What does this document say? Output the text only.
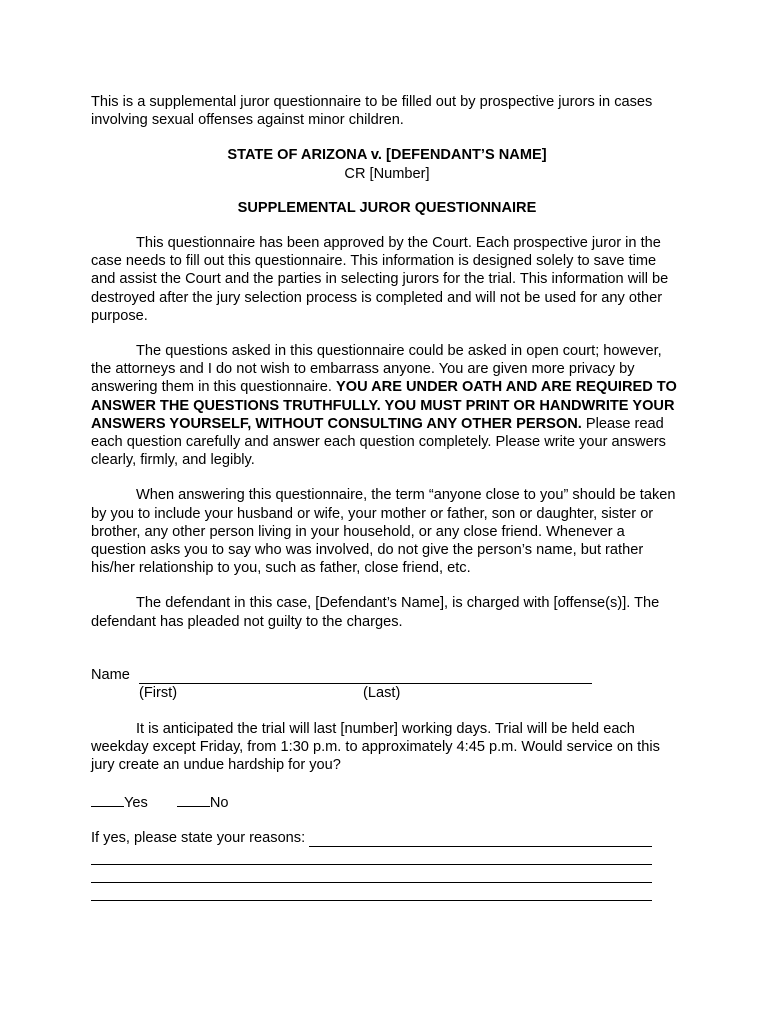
This is a supplemental juror questionnaire to be filled out by prospective jurors in cases involving sexual offenses against minor children.

STATE OF ARIZONA v. [DEFENDANT’S NAME]

CR [Number]

SUPPLEMENTAL JUROR QUESTIONNAIRE

This questionnaire has been approved by the Court. Each prospective juror in the case needs to fill out this questionnaire. This information is designed solely to save time and assist the Court and the parties in selecting jurors for the trial. This information will be destroyed after the jury selection process is completed and will not be used for any other purpose.

The questions asked in this questionnaire could be asked in open court; however, the attorneys and I do not wish to embarrass anyone. You are given more privacy by answering them in this questionnaire. YOU ARE UNDER OATH AND ARE REQUIRED TO ANSWER THE QUESTIONS TRUTHFULLY. YOU MUST PRINT OR HANDWRITE YOUR ANSWERS YOURSELF, WITHOUT CONSULTING ANY OTHER PERSON. Please read each question carefully and answer each question completely. Please write your answers clearly, firmly, and legibly.

When answering this questionnaire, the term “anyone close to you” should be taken by you to include your husband or wife, your mother or father, son or daughter, sister or brother, any other person living in your household, or any close friend. Whenever a question asks you to say who was involved, do not give the person’s name, but rather his/her relationship to you, such as father, close friend, etc.

The defendant in this case, [Defendant’s Name], is charged with [offense(s)]. The defendant has pleaded not guilty to the charges.

Name
(First)	(Last)

It is anticipated the trial will last [number] working days. Trial will be held each weekday except Friday, from 1:30 p.m. to approximately 4:45 p.m. Would service on this jury create an undue hardship for you?

Yes	No
If yes, please state your reasons:
